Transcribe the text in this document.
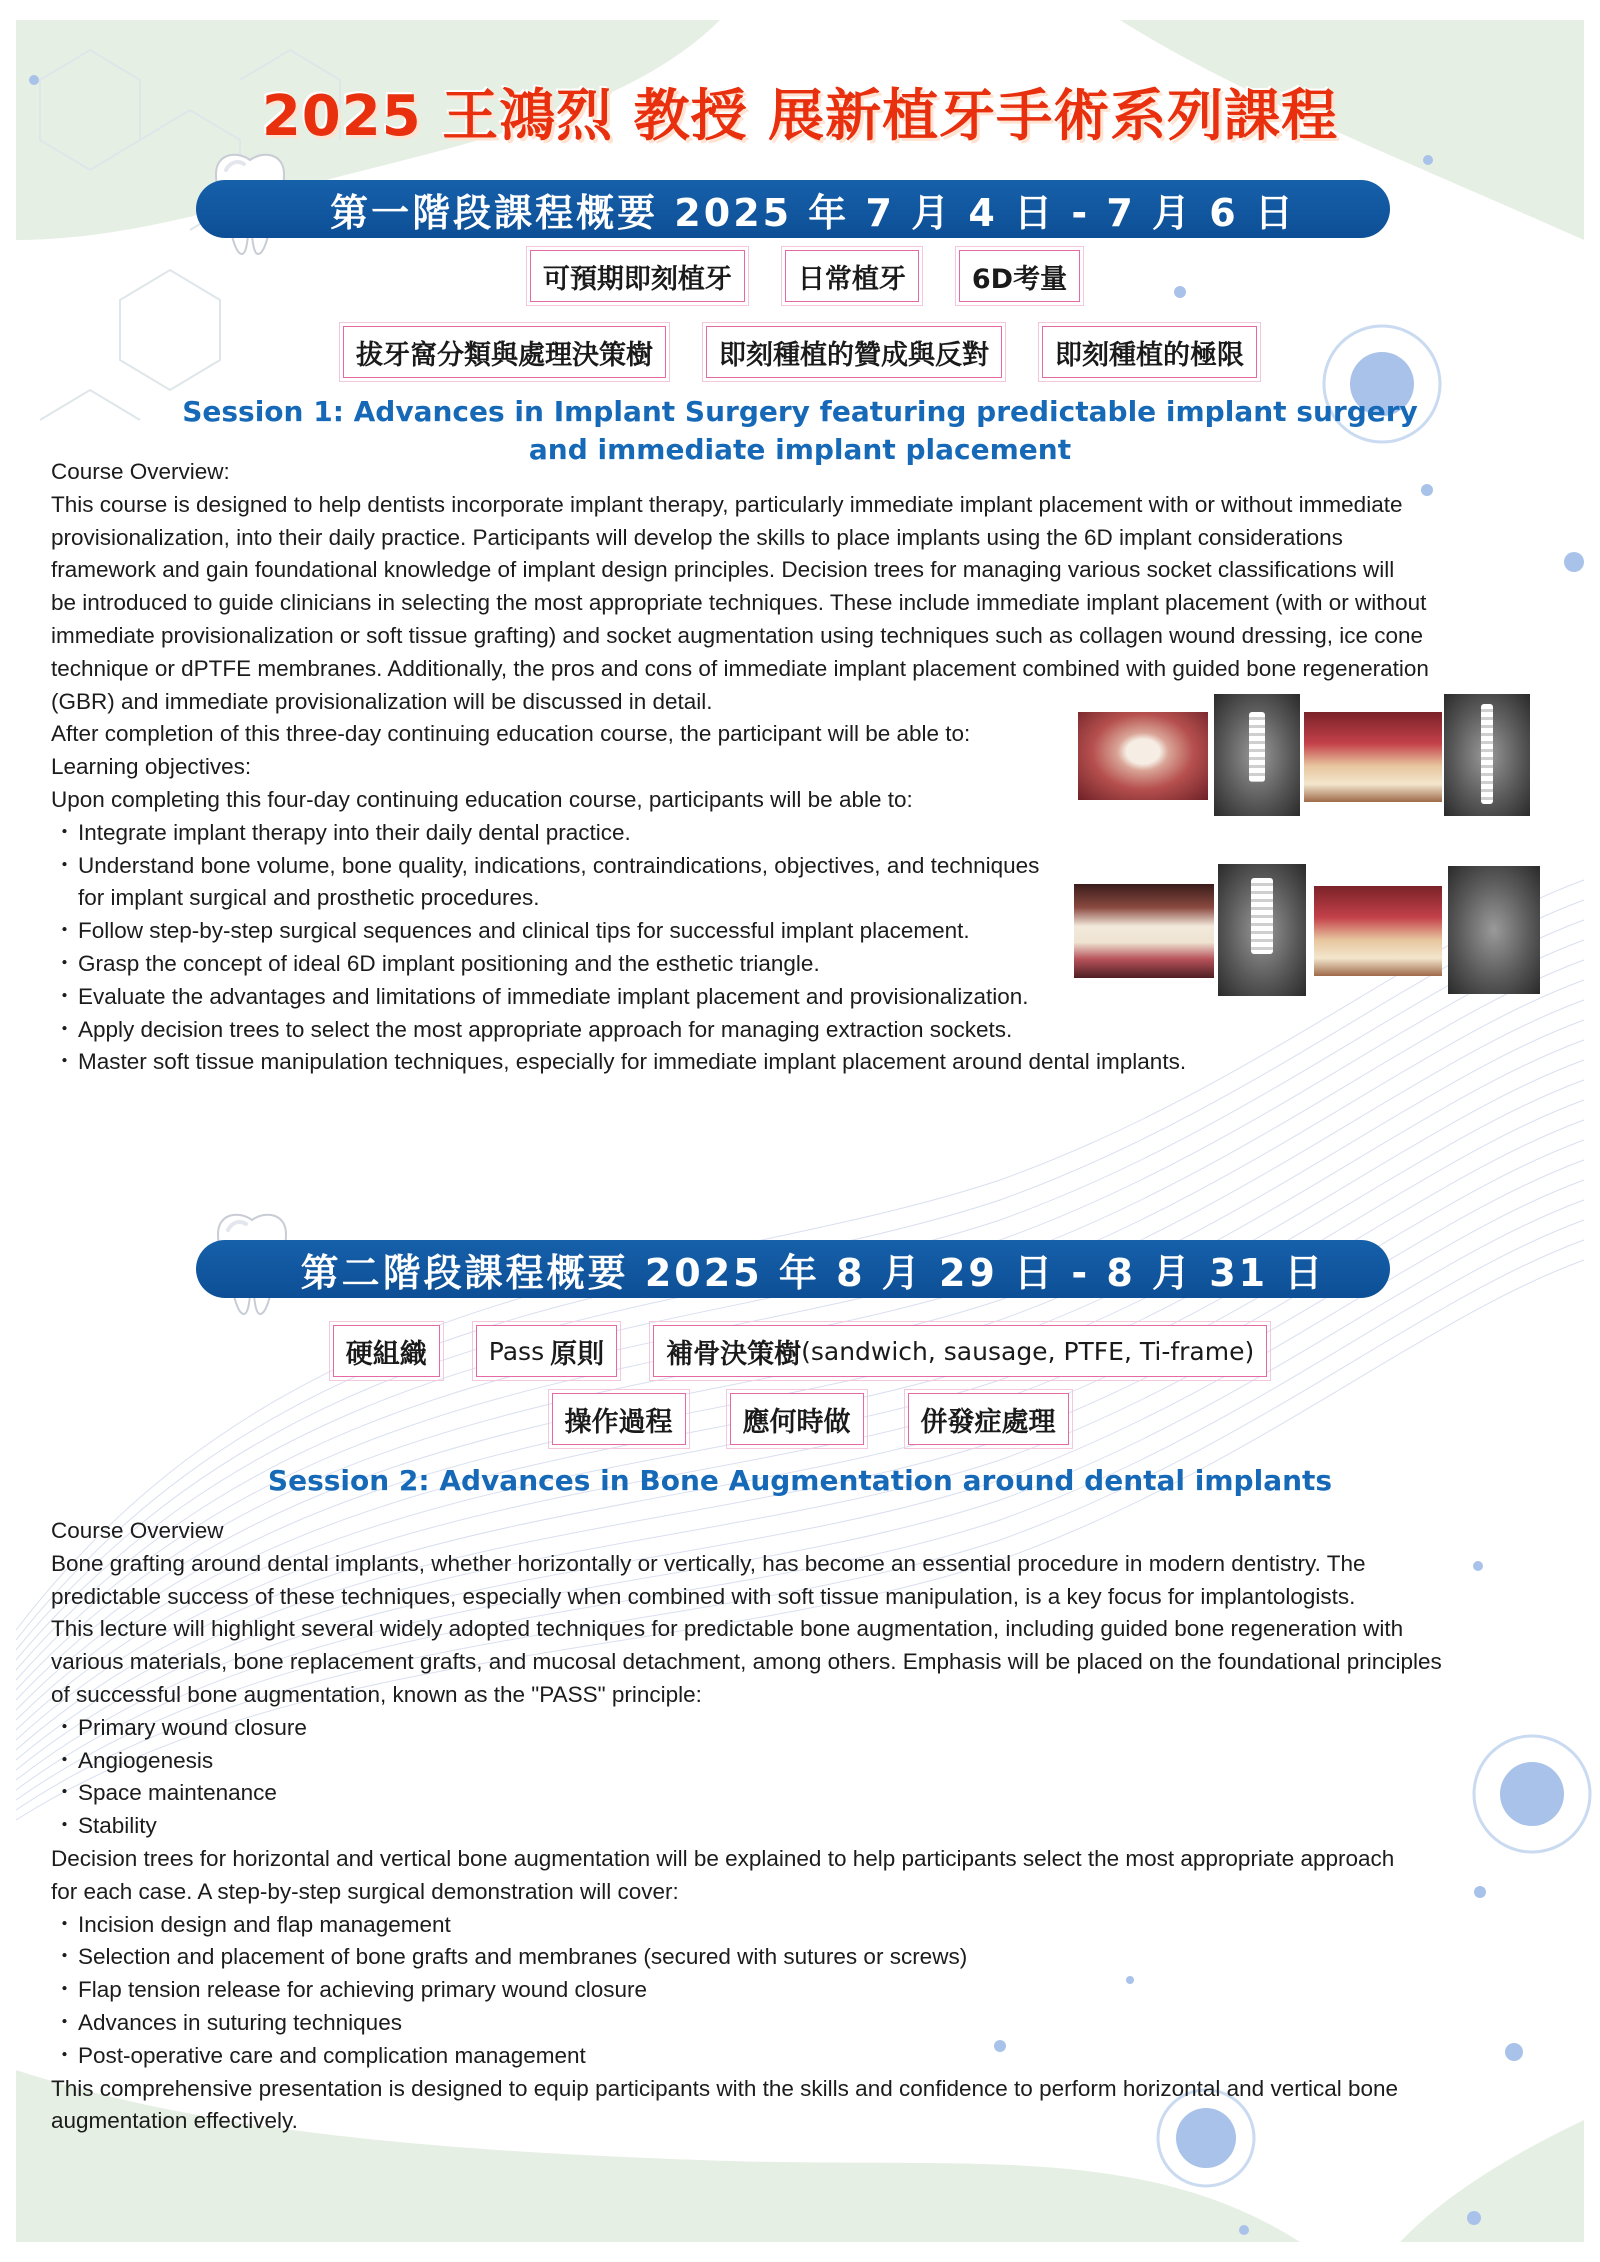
2025 王鴻烈 教授 展新植牙手術系列課程
第一階段課程概要 2025 年 7 月 4 日 - 7 月 6 日
可預期即刻植牙	日常植牙	6D考量
拔牙窩分類與處理決策樹	即刻種植的贊成與反對	即刻種植的極限
Session 1: Advances in Implant Surgery featuring predictable implant surgery
and immediate implant placement

Course Overview:

This course is designed to help dentists incorporate implant therapy, particularly immediate implant placement with or without immediate

provisionalization, into their daily practice. Participants will develop the skills to place implants using the 6D implant considerations

framework and gain foundational knowledge of implant design principles. Decision trees for managing various socket classifications will

be introduced to guide clinicians in selecting the most appropriate techniques. These include immediate implant placement (with or without

immediate provisionalization or soft tissue grafting) and socket augmentation using techniques such as collagen wound dressing, ice cone

technique or dPTFE membranes. Additionally, the pros and cons of immediate implant placement combined with guided bone regeneration

(GBR) and immediate provisionalization will be discussed in detail.

After completion of this three-day continuing education course, the participant will be able to:

Learning objectives:

Upon completing this four-day continuing education course, participants will be able to:

・ Integrate implant therapy into their daily dental practice.

・ Understand bone volume, bone quality, indications, contraindications, objectives, and techniques

for implant surgical and prosthetic procedures.

・ Follow step-by-step surgical sequences and clinical tips for successful implant placement.

・ Grasp the concept of ideal 6D implant positioning and the esthetic triangle.

・ Evaluate the advantages and limitations of immediate implant placement and provisionalization.

・ Apply decision trees to select the most appropriate approach for managing extraction sockets.

・ Master soft tissue manipulation techniques, especially for immediate implant placement around dental implants.

第二階段課程概要 2025 年 8 月 29 日 - 8 月 31 日
硬組織	Pass 原則 補骨決策樹 (sandwich, sausage, PTFE, Ti-frame)
操作過程	應何時做	併發症處理
Session 2: Advances in Bone Augmentation around dental implants

Course Overview

Bone grafting around dental implants, whether horizontally or vertically, has become an essential procedure in modern dentistry. The

predictable success of these techniques, especially when combined with soft tissue manipulation, is a key focus for implantologists.

This lecture will highlight several widely adopted techniques for predictable bone augmentation, including guided bone regeneration with

various materials, bone replacement grafts, and mucosal detachment, among others. Emphasis will be placed on the foundational principles

of successful bone augmentation, known as the "PASS" principle:

・ Primary wound closure

・ Angiogenesis

・ Space maintenance

・ Stability

Decision trees for horizontal and vertical bone augmentation will be explained to help participants select the most appropriate approach

for each case. A step-by-step surgical demonstration will cover:

・ Incision design and flap management

・ Selection and placement of bone grafts and membranes (secured with sutures or screws)

・ Flap tension release for achieving primary wound closure

・ Advances in suturing techniques

・ Post-operative care and complication management

This comprehensive presentation is designed to equip participants with the skills and confidence to perform horizontal and vertical bone

augmentation effectively.
